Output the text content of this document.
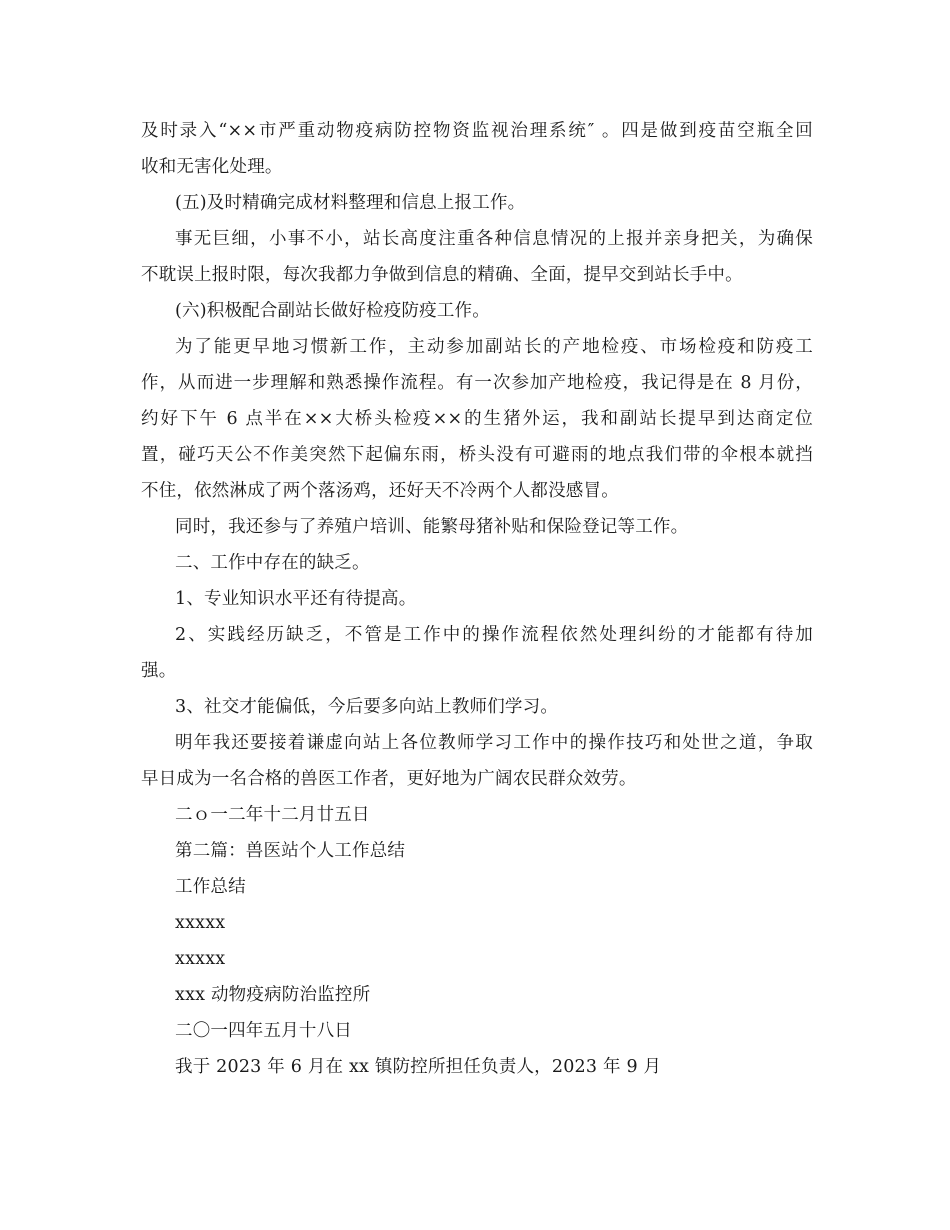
及时录入“××市严重动物疫病防控物资监视治理系统″ 。四是做到疫苗空瓶全回
收和无害化处理。
(五)及时精确完成材料整理和信息上报工作。
事无巨细，小事不小，站长高度注重各种信息情况的上报并亲身把关，为确保
不耽误上报时限，每次我都力争做到信息的精确、全面，提早交到站长手中。
(六)积极配合副站长做好检疫防疫工作。
为了能更早地习惯新工作，主动参加副站长的产地检疫、市场检疫和防疫工
作，从而进一步理解和熟悉操作流程。有一次参加产地检疫，我记得是在 8 月份，
约好下午 6 点半在××大桥头检疫××的生猪外运，我和副站长提早到达商定位
置，碰巧天公不作美突然下起偏东雨，桥头没有可避雨的地点我们带的伞根本就挡
不住，依然淋成了两个落汤鸡，还好天不冷两个人都没感冒。
同时，我还参与了养殖户培训、能繁母猪补贴和保险登记等工作。
二、工作中存在的缺乏。
1、专业知识水平还有待提高。
2、实践经历缺乏，不管是工作中的操作流程依然处理纠纷的才能都有待加
强。
3、社交才能偏低，今后要多向站上教师们学习。
明年我还要接着谦虚向站上各位教师学习工作中的操作技巧和处世之道，争取
早日成为一名合格的兽医工作者，更好地为广阔农民群众效劳。
二ｏ一二年十二月廿五日
第二篇：兽医站个人工作总结
工作总结
xxxxx
xxxxx
xxx 动物疫病防治监控所
二〇一四年五月十八日
我于 2023 年 6 月在 xx 镇防控所担任负责人，2023 年 9 月
